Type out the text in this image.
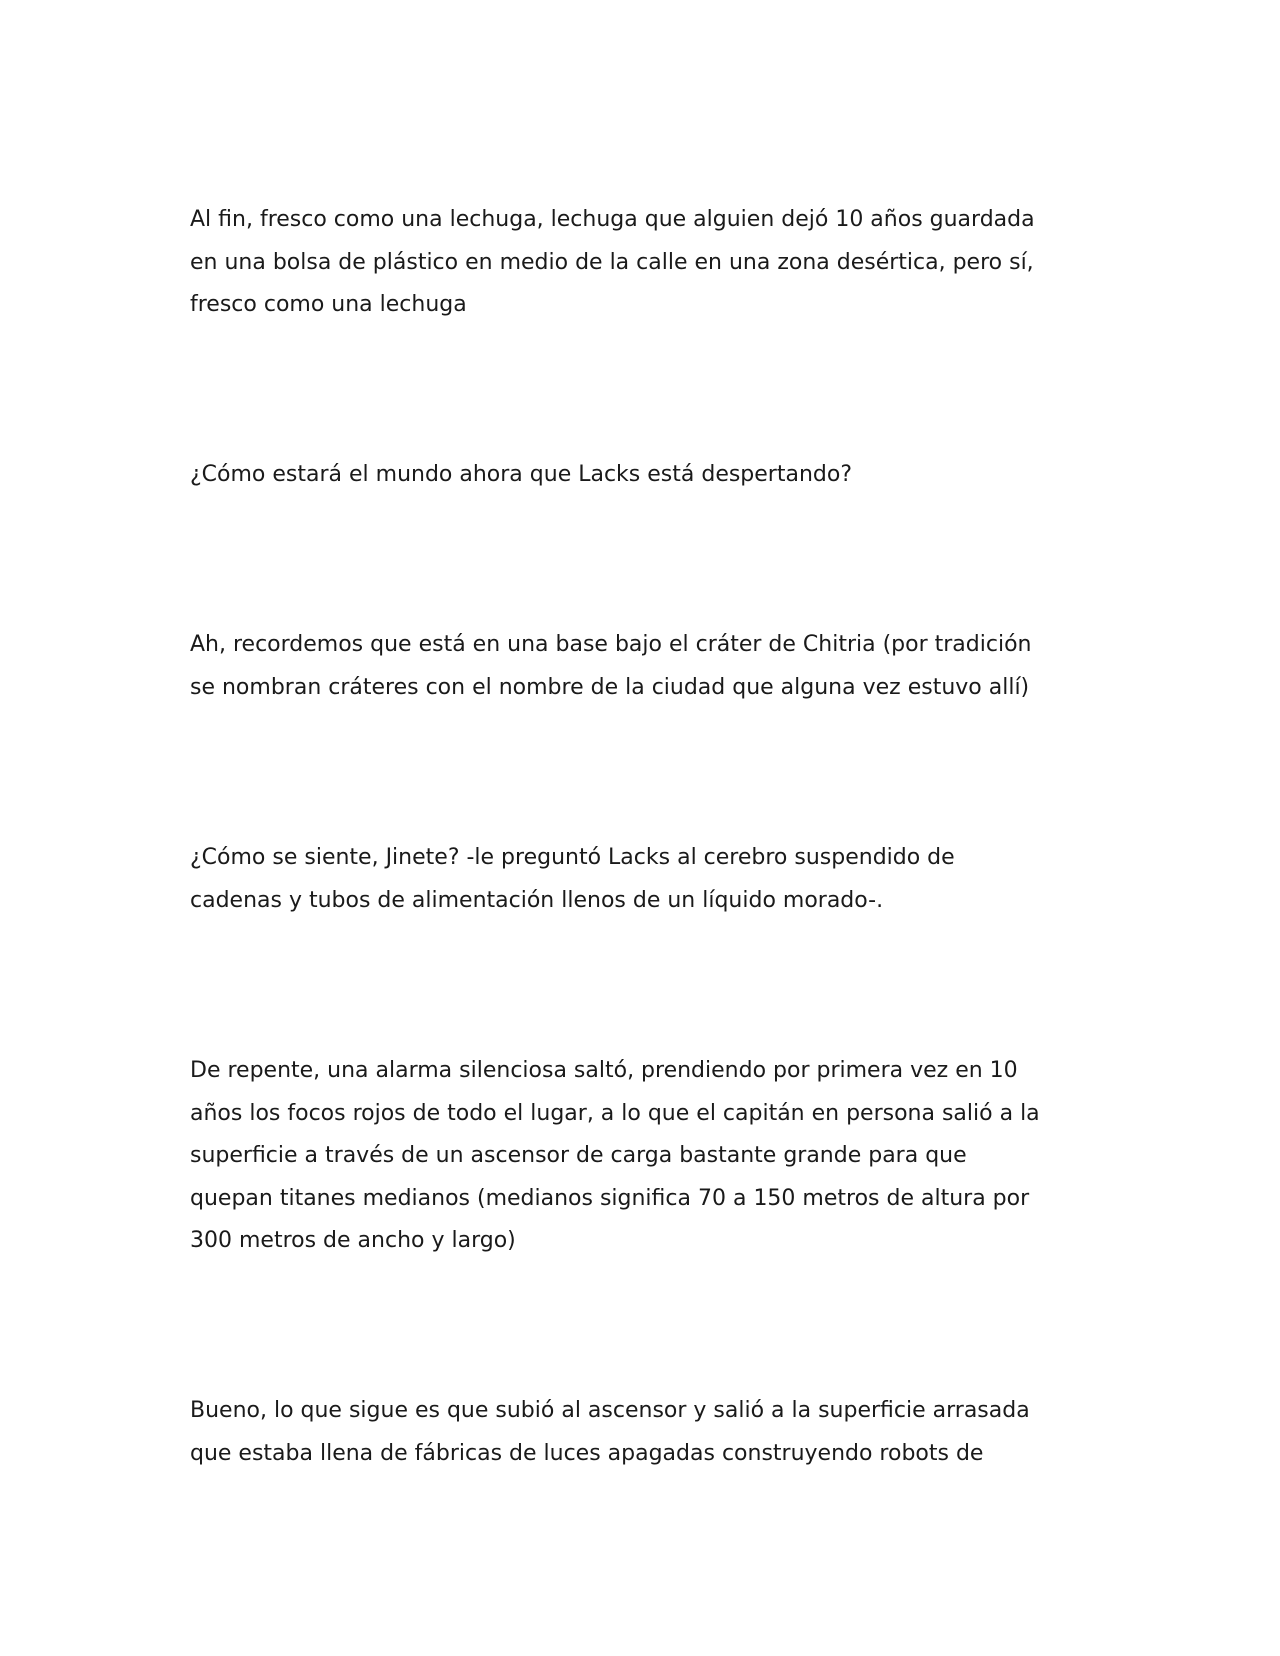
Al fin, fresco como una lechuga, lechuga que alguien dejó 10 años guardada
en una bolsa de plástico en medio de la calle en una zona desértica, pero sí,
fresco como una lechuga

¿Cómo estará el mundo ahora que Lacks está despertando?

Ah, recordemos que está en una base bajo el cráter de Chitria (por tradición
se nombran cráteres con el nombre de la ciudad que alguna vez estuvo allí)

¿Cómo se siente, Jinete? -le preguntó Lacks al cerebro suspendido de
cadenas y tubos de alimentación llenos de un líquido morado-.

De repente, una alarma silenciosa saltó, prendiendo por primera vez en 10
años los focos rojos de todo el lugar, a lo que el capitán en persona salió a la
superficie a través de un ascensor de carga bastante grande para que
quepan titanes medianos (medianos significa 70 a 150 metros de altura por
300 metros de ancho y largo)

Bueno, lo que sigue es que subió al ascensor y salió a la superficie arrasada
que estaba llena de fábricas de luces apagadas construyendo robots de
